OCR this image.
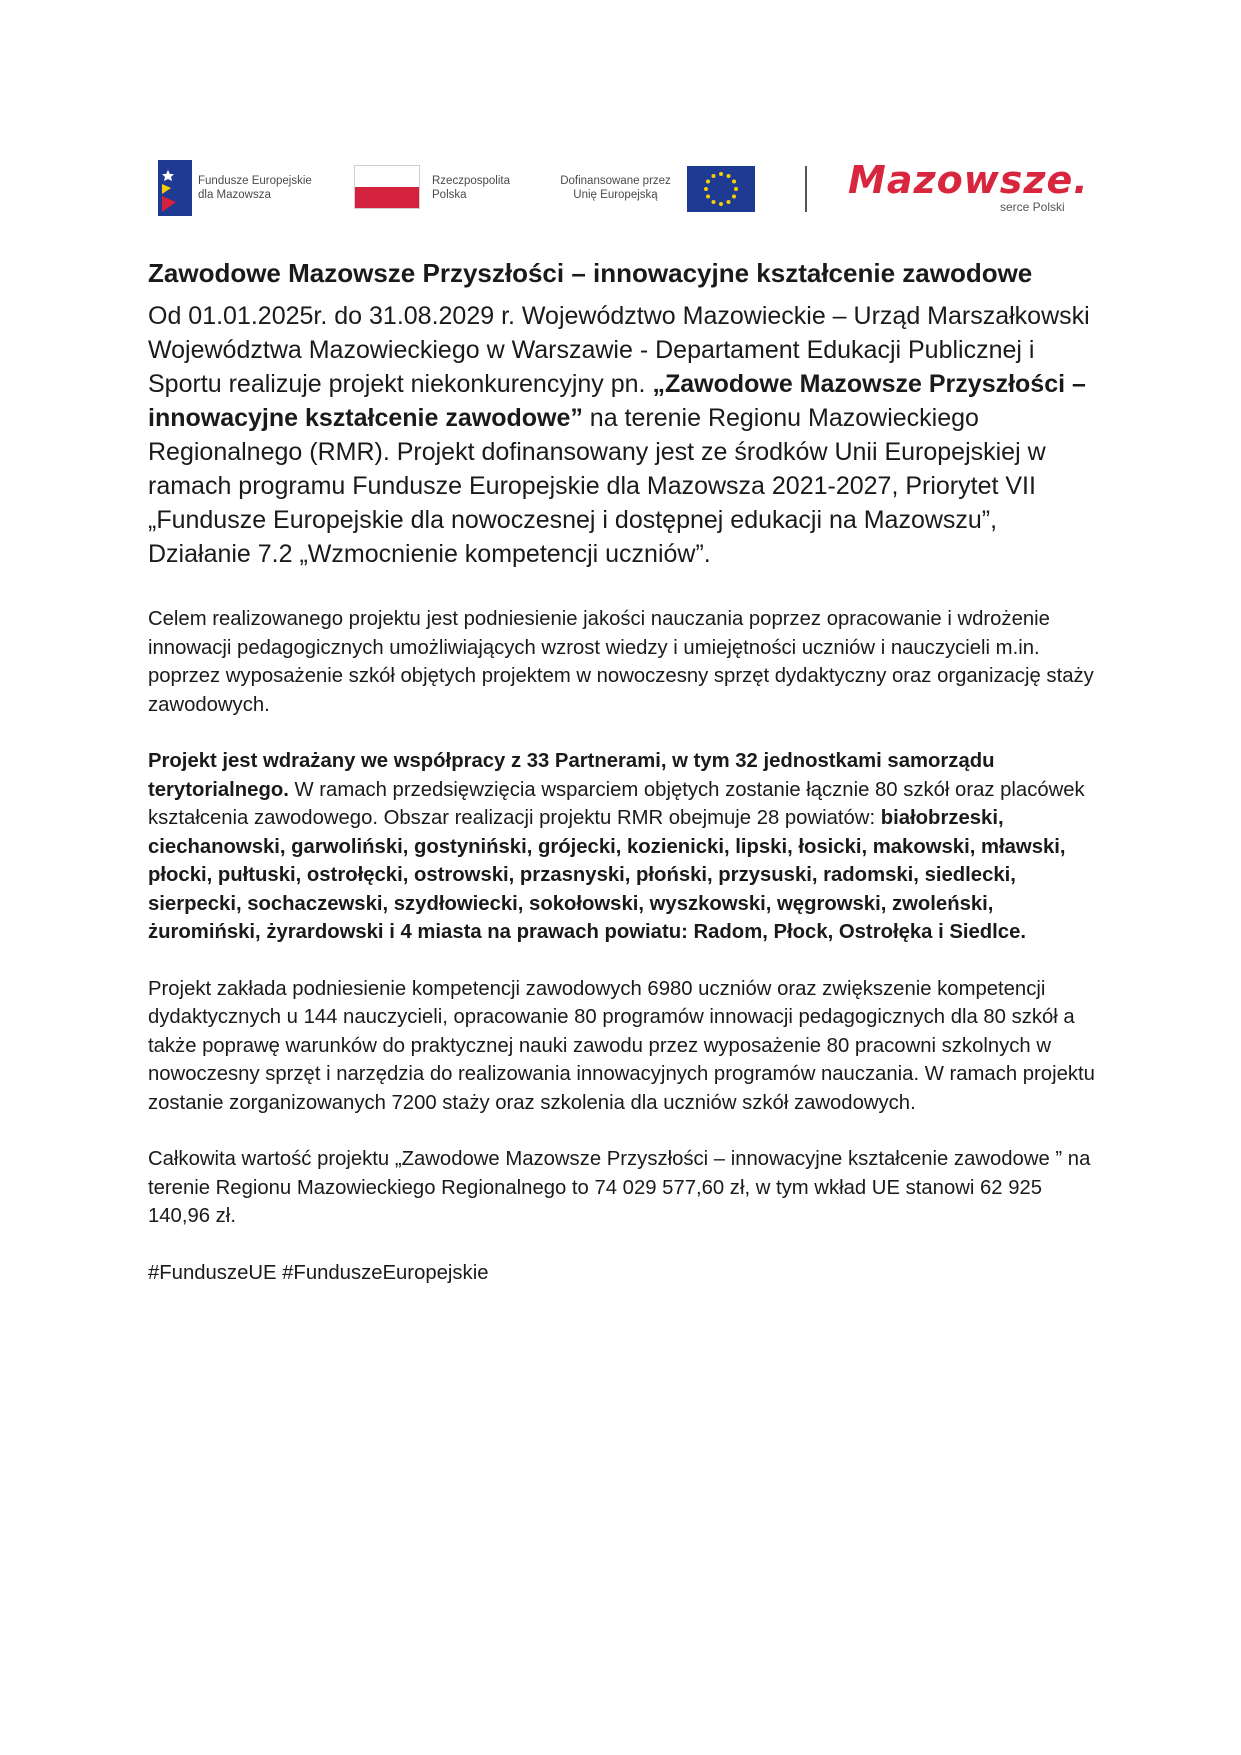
Fundusze Europejskie
dla Mazowsza
Rzeczpospolita
Polska
Dofinansowane przez
Unię Europejską	Mazowsze.
serce Polski
Zawodowe Mazowsze Przyszłości – innowacyjne kształcenie zawodowe

Od 01.01.2025r. do 31.08.2029 r. Województwo Mazowieckie – Urząd Marszałkowski Województwa Mazowieckiego w Warszawie - Departament Edukacji Publicznej i Sportu realizuje projekt niekonkurencyjny pn. „Zawodowe Mazowsze Przyszłości – innowacyjne kształcenie zawodowe” na terenie Regionu Mazowieckiego Regionalnego (RMR). Projekt dofinansowany jest ze środków Unii Europejskiej w ramach programu Fundusze Europejskie dla Mazowsza 2021-2027, Priorytet VII „Fundusze Europejskie dla nowoczesnej i dostępnej edukacji na Mazowszu”, Działanie 7.2 „Wzmocnienie kompetencji uczniów”.

Celem realizowanego projektu jest podniesienie jakości nauczania poprzez opracowanie i wdrożenie innowacji pedagogicznych umożliwiających wzrost wiedzy i umiejętności uczniów i nauczycieli m.in. poprzez wyposażenie szkół objętych projektem w nowoczesny sprzęt dydaktyczny oraz organizację staży zawodowych.

Projekt jest wdrażany we współpracy z 33 Partnerami, w tym 32 jednostkami samorządu terytorialnego. W ramach przedsięwzięcia wsparciem objętych zostanie łącznie 80 szkół oraz placówek kształcenia zawodowego. Obszar realizacji projektu RMR obejmuje 28 powiatów: białobrzeski, ciechanowski, garwoliński, gostyniński, grójecki, kozienicki, lipski, łosicki, makowski, mławski, płocki, pułtuski, ostrołęcki, ostrowski, przasnyski, płoński, przysuski, radomski, siedlecki, sierpecki, sochaczewski, szydłowiecki, sokołowski, wyszkowski, węgrowski, zwoleński, żuromiński, żyrardowski i 4 miasta na prawach powiatu: Radom, Płock, Ostrołęka i Siedlce.

Projekt zakłada podniesienie kompetencji zawodowych 6980 uczniów oraz zwiększenie kompetencji dydaktycznych u 144 nauczycieli, opracowanie 80 programów innowacji pedagogicznych dla 80 szkół a także poprawę warunków do praktycznej nauki zawodu przez wyposażenie 80 pracowni szkolnych w nowoczesny sprzęt i narzędzia do realizowania innowacyjnych programów nauczania. W ramach projektu zostanie zorganizowanych 7200 staży oraz szkolenia dla uczniów szkół zawodowych.

Całkowita wartość projektu „Zawodowe Mazowsze Przyszłości – innowacyjne kształcenie zawodowe ” na terenie Regionu Mazowieckiego Regionalnego to 74 029 577,60 zł, w tym wkład UE stanowi 62 925 140,96 zł.

#FunduszeUE #FunduszeEuropejskie
